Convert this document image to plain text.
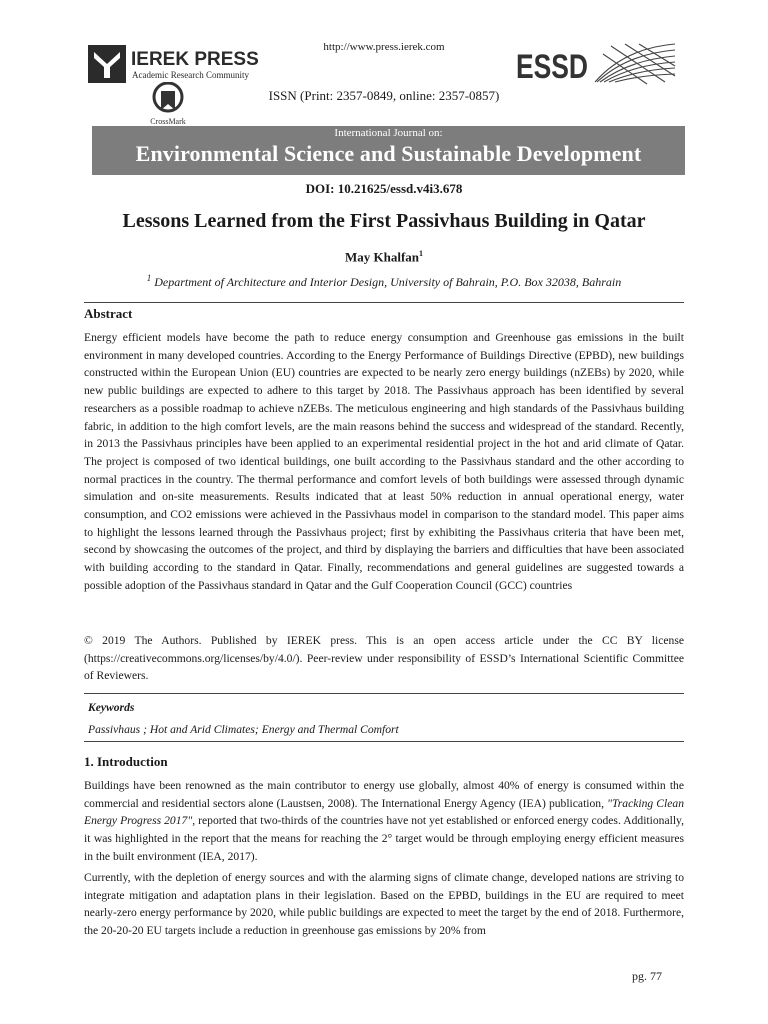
http://www.press.ierek.com
IEREK PRESS
Academic Research Community	ESSD
CrossMark
ISSN (Print: 2357-0849, online: 2357-0857)
International Journal on:
Environmental Science and Sustainable Development
DOI: 10.21625/essd.v4i3.678
Lessons Learned from the First Passivhaus Building in Qatar
May Khalfan$^1$
$^1$ Department of Architecture and Interior Design, University of Bahrain, P.O. Box 32038, Bahrain
Abstract
Energy efficient models have become the path to reduce energy consumption and Greenhouse gas emissions in the built environment in many developed countries. According to the Energy Performance of Buildings Directive (EPBD), new buildings constructed within the European Union (EU) countries are expected to be nearly zero energy buildings (nZEBs) by 2020, while new public buildings are expected to adhere to this target by 2018. The Passivhaus approach has been identified by several researchers as a possible roadmap to achieve nZEBs. The meticulous engineering and high standards of the Passivhaus building fabric, in addition to the high comfort levels, are the main reasons behind the success and widespread of the standard. Recently, in 2013 the Passivhaus principles have been applied to an experimental residential project in the hot and arid climate of Qatar. The project is composed of two identical buildings, one built according to the Passivhaus standard and the other according to normal practices in the country. The thermal performance and comfort levels of both buildings were assessed through dynamic simulation and on-site measurements. Results indicated that at least 50% reduction in annual operational energy, water consumption, and CO2 emissions were achieved in the Passivhaus model in comparison to the standard model. This paper aims to highlight the lessons learned through the Passivhaus project; first by exhibiting the Passivhaus criteria that have been met, second by showcasing the outcomes of the project, and third by displaying the barriers and difficulties that have been associated with building according to the standard in Qatar. Finally, recommendations and general guidelines are suggested towards a possible adoption of the Passivhaus standard in Qatar and the Gulf Cooperation Council (GCC) countries
© 2019 The Authors. Published by IEREK press. This is an open access article under the CC BY license (https://creativecommons.org/licenses/by/4.0/). Peer-review under responsibility of ESSD’s International Scientific Committee of Reviewers.
Keywords
Passivhaus ; Hot and Arid Climates; Energy and Thermal Comfort
1. Introduction
Buildings have been renowned as the main contributor to energy use globally, almost 40% of energy is consumed within the commercial and residential sectors alone (Laustsen, 2008). The International Energy Agency (IEA) publication, "Tracking Clean Energy Progress 2017", reported that two-thirds of the countries have not yet established or enforced energy codes. Additionally, it was highlighted in the report that the means for reaching the 2° target would be through employing energy efficient measures in the built environment (IEA, 2017).
Currently, with the depletion of energy sources and with the alarming signs of climate change, developed nations are striving to integrate mitigation and adaptation plans in their legislation. Based on the EPBD, buildings in the EU are required to meet nearly-zero energy performance by 2020, while public buildings are expected to meet the target by the end of 2018. Furthermore, the 20-20-20 EU targets include a reduction in greenhouse gas emissions by 20% from
pg. 77
